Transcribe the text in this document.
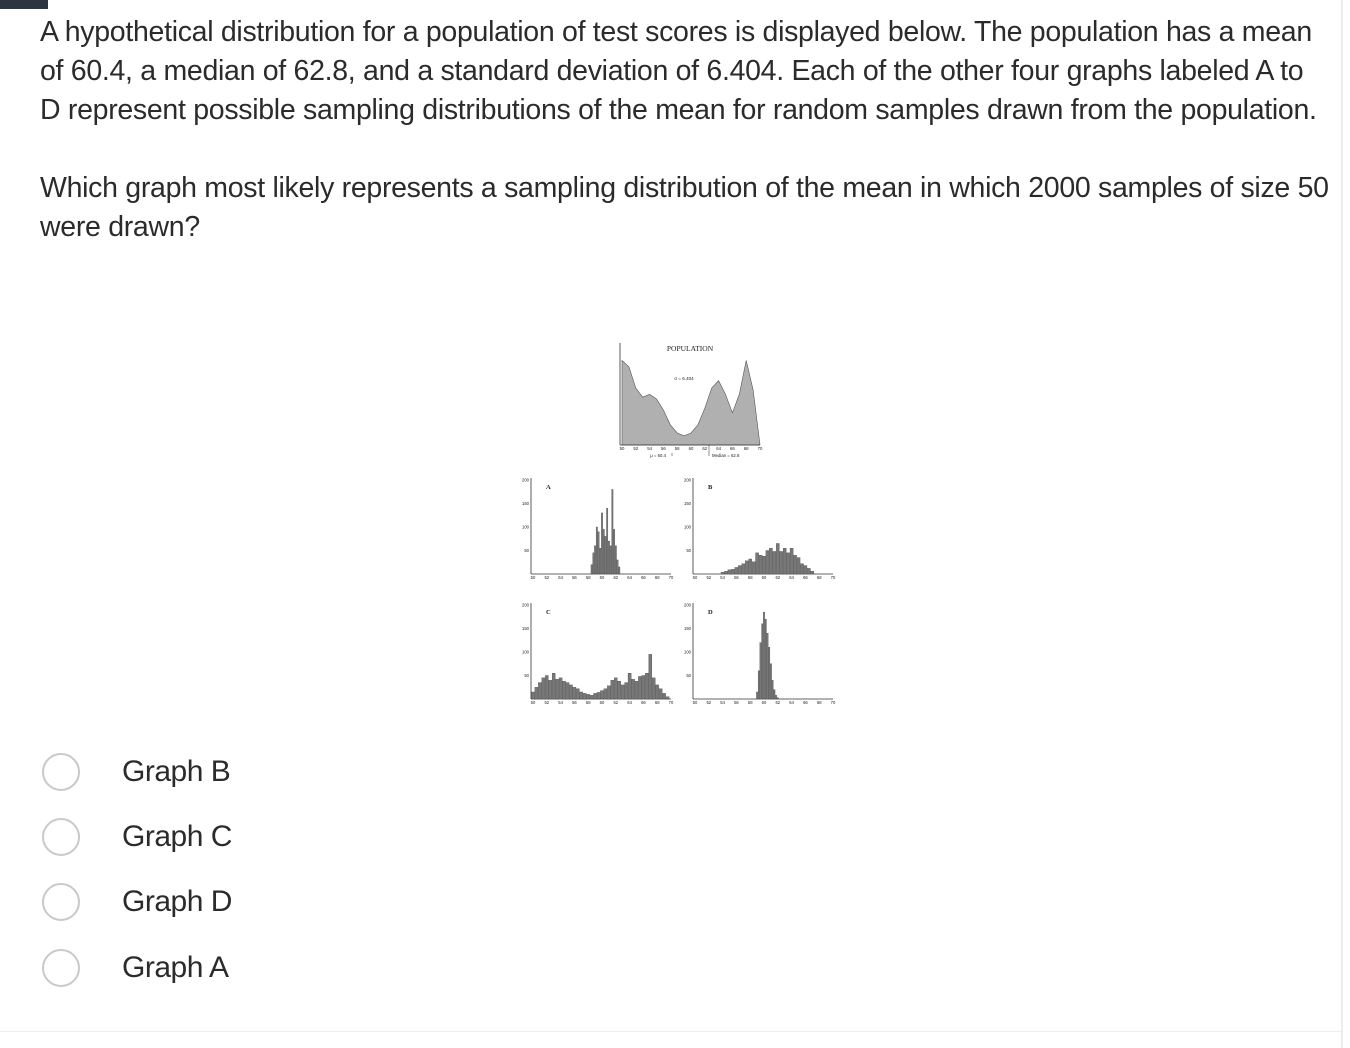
A hypothetical distribution for a population of test scores is displayed below. The population has a mean of 60.4, a median of 62.8, and a standard deviation of 6.404. Each of the other four graphs labeled A to D represent possible sampling distributions of the mean for random samples drawn from the population.

Which graph most likely represents a sampling distribution of the mean in which 2000 samples of size 50 were drawn?

POPULATION
σ = 6.404
50 52 54 56 58 60 62 64 66 68 70
μ = 60.4	Median = 62.8
A
200
150
100
50
50 52 54 56 58 60 62 64 66 68 70
B
200
150
100
50
50 52 54 56 58 60 62 64 66 68 70
C
200
150
100
50
50 52 54 56 58 60 62 64 66 68 70
D
200
150
100
50
50 52 54 56 58 60 62 64 66 68 70
Graph B
Graph C
Graph D
Graph A
